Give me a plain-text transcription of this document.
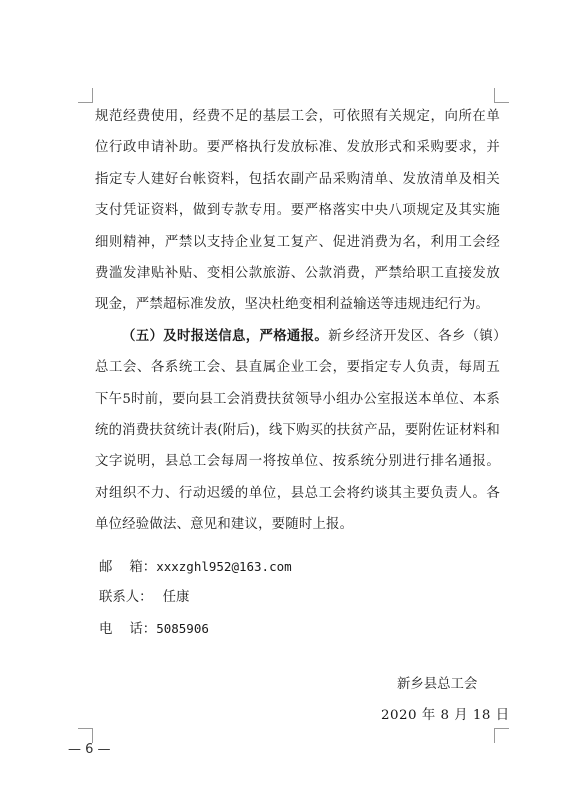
规范经费使用，经费不足的基层工会，可依照有关规定，向所在单位行政申请补助。要严格执行发放标准、发放形式和采购要求，并指定专人建好台帐资料，包括农副产品采购清单、发放清单及相关支付凭证资料，做到专款专用。要严格落实中央八项规定及其实施细则精神，严禁以支持企业复工复产、促进消费为名，利用工会经费滥发津贴补贴、变相公款旅游、公款消费，严禁给职工直接发放现金，严禁超标准发放，坚决杜绝变相利益输送等违规违纪行为。

（五）及时报送信息，严格通报。新乡经济开发区、各乡（镇）总工会、各系统工会、县直属企业工会，要指定专人负责，每周五下午5时前，要向县工会消费扶贫领导小组办公室报送本单位、本系统的消费扶贫统计表(附后)，线下购买的扶贫产品，要附佐证材料和文字说明，县总工会每周一将按单位、按系统分别进行排名通报。对组织不力、行动迟缓的单位，县总工会将约谈其主要负责人。各单位经验做法、意见和建议，要随时上报。

邮    箱：xxxzghl952@163.com
联系人： 任康
电    话：5085906
新乡县总工会
2020 年 8 月 18 日
— 6 —
